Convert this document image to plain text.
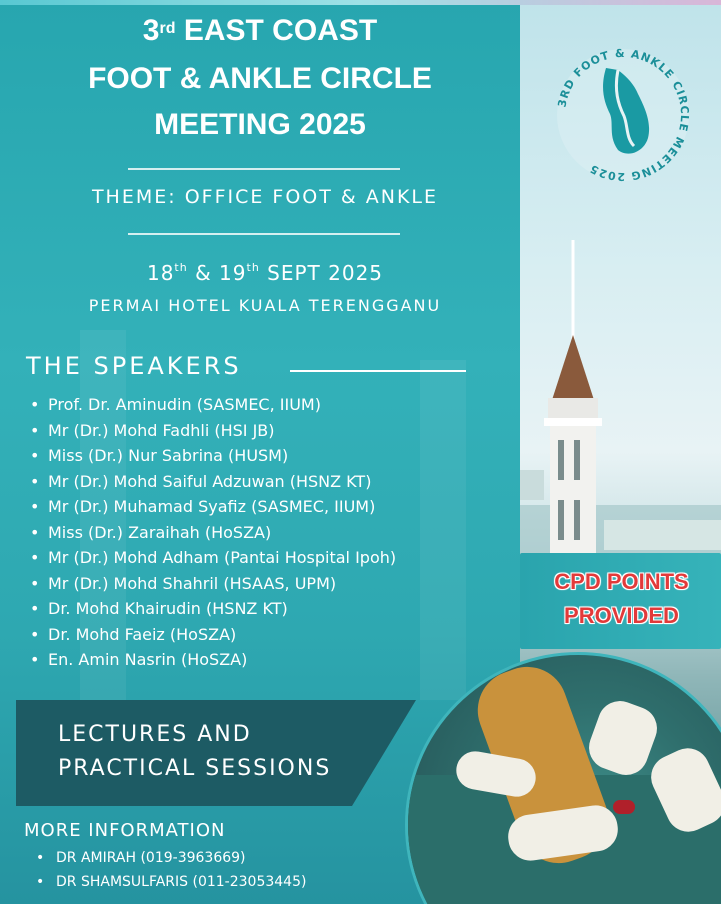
3rd EAST COAST
FOOT & ANKLE CIRCLE
MEETING 2025
THEME: OFFICE FOOT & ANKLE
18th & 19th SEPT 2025
PERMAI HOTEL KUALA TERENGGANU
THE SPEAKERS
• Prof. Dr. Aminudin (SASMEC, IIUM)
• Mr (Dr.) Mohd Fadhli (HSI JB)
• Miss (Dr.) Nur Sabrina (HUSM)
• Mr (Dr.) Mohd Saiful Adzuwan (HSNZ KT)
• Mr (Dr.) Muhamad Syafiz (SASMEC, IIUM)
• Miss (Dr.) Zaraihah (HoSZA)
• Mr (Dr.) Mohd Adham (Pantai Hospital Ipoh)
• Mr (Dr.) Mohd Shahril (HSAAS, UPM)
• Dr. Mohd Khairudin (HSNZ KT)
• Dr. Mohd Faeiz (HoSZA)
• En. Amin Nasrin (HoSZA)
3RD FOOT & ANKLE CIRCLE MEETING 2025
CPD POINTS
PROVIDED
LECTURES AND
PRACTICAL SESSIONS
MORE INFORMATION
• DR AMIRAH (019-3963669)
• DR SHAMSULFARIS (011-23053445)
